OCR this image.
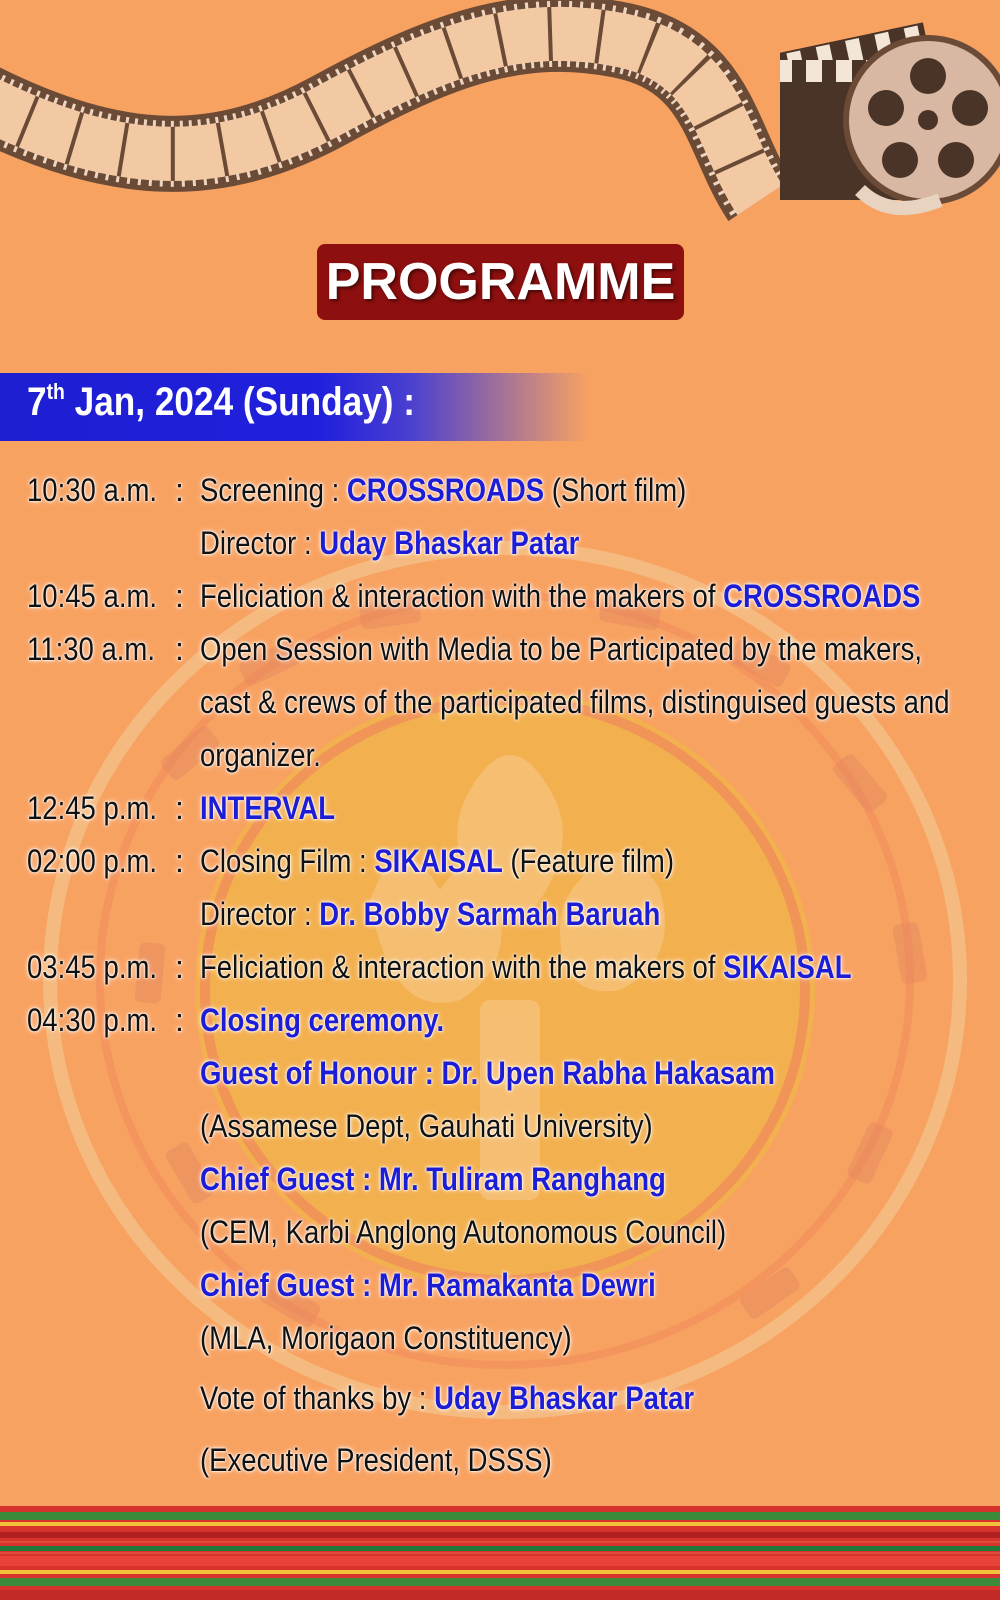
PROGRAMME
7th Jan, 2024 (Sunday) :
10:30 a.m. : Screening : CROSSROADS (Short film)
Director : Uday Bhaskar Patar
10:45 a.m. : Feliciation & interaction with the makers of CROSSROADS
11:30 a.m. : Open Session with Media to be Participated by the makers,
cast & crews of the participated films, distinguised guests and
organizer.
12:45 p.m. : INTERVAL
02:00 p.m. : Closing Film : SIKAISAL (Feature film)
Director : Dr. Bobby Sarmah Baruah
03:45 p.m. : Feliciation & interaction with the makers of SIKAISAL
04:30 p.m. : Closing ceremony.
Guest of Honour : Dr. Upen Rabha Hakasam
(Assamese Dept, Gauhati University)
Chief Guest : Mr. Tuliram Ranghang
(CEM, Karbi Anglong Autonomous Council)
Chief Guest : Mr. Ramakanta Dewri
(MLA, Morigaon Constituency)
Vote of thanks by : Uday Bhaskar Patar
(Executive President, DSSS)
